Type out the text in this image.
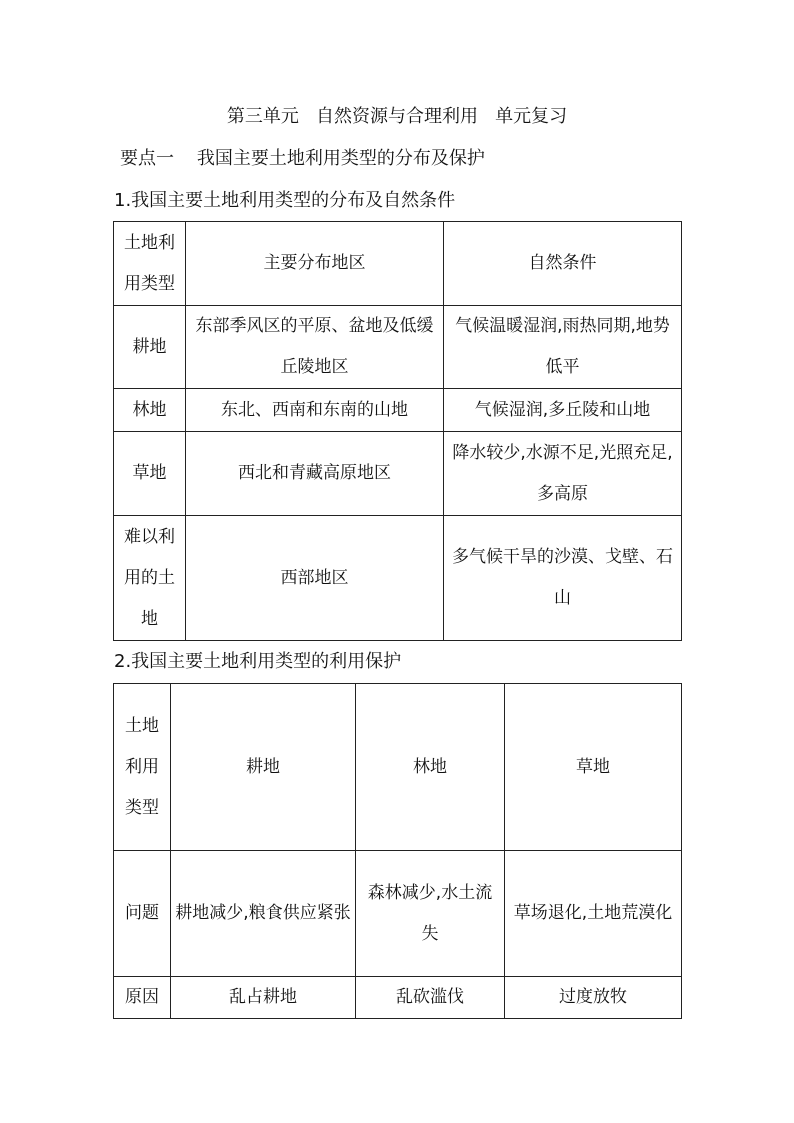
第三单元   自然资源与合理利用   单元复习
要点一    我国主要土地利用类型的分布及保护
1.我国主要土地利用类型的分布及自然条件
土地利用类型	主要分布地区	自然条件
耕地	东部季风区的平原、盆地及低缓丘陵地区	气候温暖湿润,雨热同期,地势低平
林地	东北、西南和东南的山地	气候湿润,多丘陵和山地
草地	西北和青藏高原地区	降水较少,水源不足,光照充足,多高原
难以利用的土地	西部地区	多气候干旱的沙漠、戈壁、石山
2.我国主要土地利用类型的利用保护
土地利用类型	耕地	林地	草地
问题	耕地减少,粮食供应紧张	森林减少,水土流失	草场退化,土地荒漠化
原因	乱占耕地	乱砍滥伐	过度放牧
